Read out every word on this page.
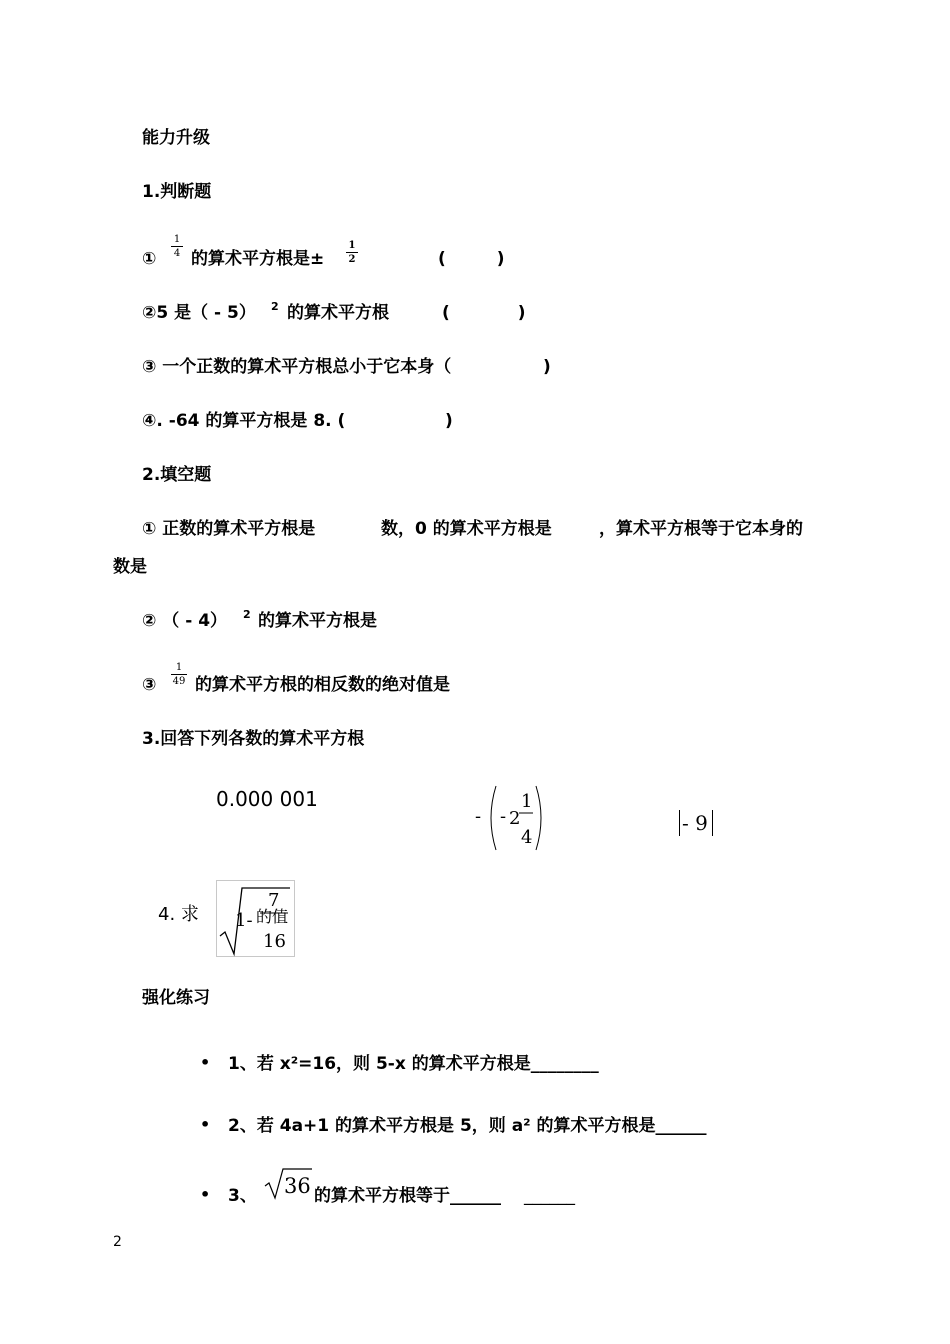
能力升级
1.判断题
①
1
4 的算术平方根是±
1
2	(　　　)
②5 是（ - 5） 2 的算术平方根	(　　　　)
③ 一个正数的算术平方根总小于它本身（	)
④. -64 的算平方根是 8. (	)
2.填空题
① 正数的算术平方根是	数，0 的算术平方根是	，算术平方根等于它本身的
数是
② （ - 4） 2 的算术平方根是
③
1
49 的算术平方根的相反数的绝对值是
3.回答下列各数的算术平方根
0.000 001
- - 2
1
4
- 9
4. 求 1-
7
16
的值
强化练习
• 1、若 x²=16，则 5-x 的算术平方根是________
• 2、若 4a+1 的算术平方根是 5，则 a² 的算术平方根是______
• 3、 36 的算术平方根等于______ ______
2
